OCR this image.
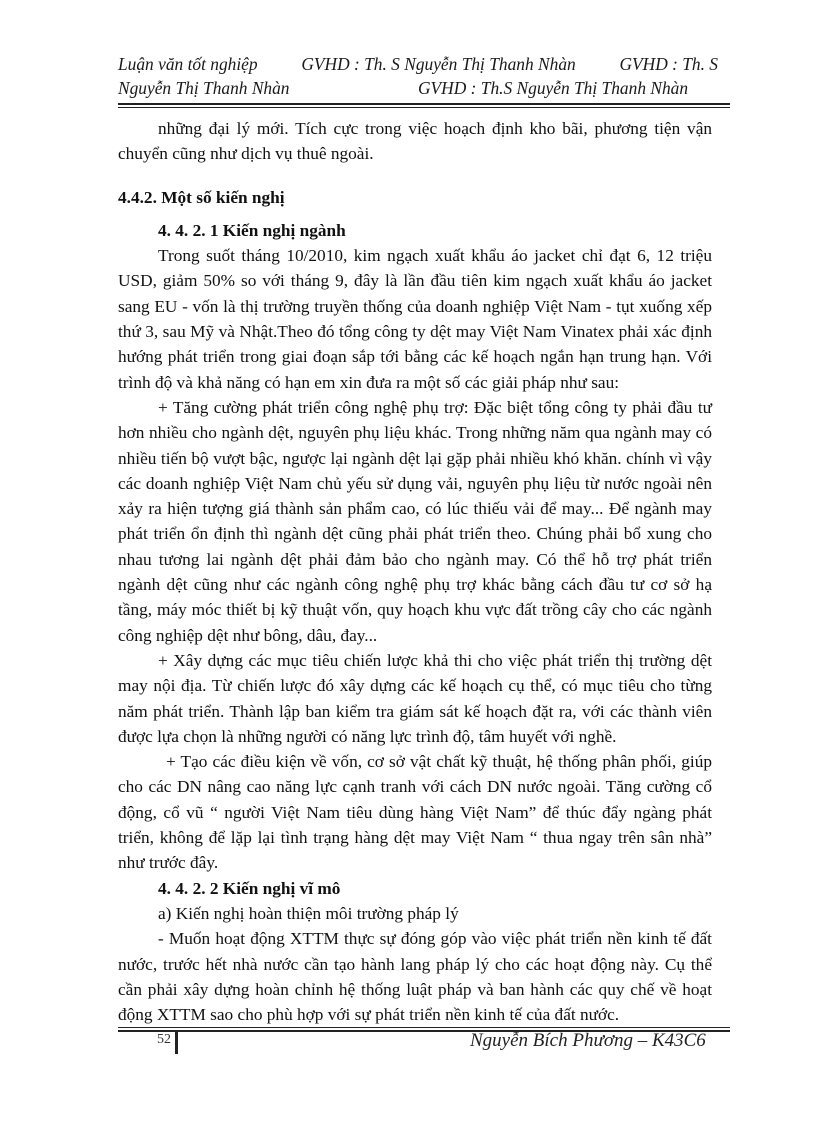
Luận văn tốt nghiệp	GVHD : Th. S Nguyễn Thị Thanh Nhàn	GVHD : Th. S
Nguyễn Thị Thanh Nhàn	GVHD : Th.S Nguyễn Thị Thanh Nhàn

những đại lý mới. Tích cực trong việc hoạch định kho bãi, phương tiện vận chuyển cũng như dịch vụ thuê ngoài.

4.4.2. Một số kiến nghị

4. 4. 2. 1 Kiến nghị ngành

Trong suốt tháng 10/2010, kim ngạch xuất khẩu áo jacket chỉ đạt 6, 12 triệu USD, giảm 50% so với tháng 9, đây là lần đầu tiên kim ngạch xuất khẩu áo jacket sang EU - vốn là thị trường truyền thống của doanh nghiệp Việt Nam - tụt xuống xếp thứ 3, sau Mỹ và Nhật.Theo đó tổng công ty dệt may Việt Nam Vinatex phải xác định hướng phát triển trong giai đoạn sắp tới bằng các kế hoạch ngắn hạn trung hạn. Với trình độ và khả năng có hạn em xin đưa ra một số các giải pháp như sau:

+ Tăng cường phát triển công nghệ phụ trợ: Đặc biệt tổng công ty phải đầu tư hơn nhiều cho ngành dệt, nguyên phụ liệu khác. Trong những năm qua ngành may có nhiều tiến bộ vượt bậc, ngược lại ngành dệt lại gặp phải nhiều khó khăn. chính vì vậy các doanh nghiệp Việt Nam chủ yếu sử dụng vải, nguyên phụ liệu từ nước ngoài nên xảy ra hiện tượng giá thành sản phẩm cao, có lúc thiếu vải để may... Để ngành may phát triển ổn định thì ngành dệt cũng phải phát triển theo. Chúng phải bổ xung cho nhau tương lai ngành dệt phải đảm bảo cho ngành may. Có thể hỗ trợ phát triển ngành dệt cũng như các ngành công nghệ phụ trợ khác bằng cách đầu tư cơ sở hạ tầng, máy móc thiết bị kỹ thuật vốn, quy hoạch khu vực đất trồng cây cho các ngành công nghiệp dệt như bông, dâu, đay...

+ Xây dựng các mục tiêu chiến lược khả thi cho việc phát triển thị trường dệt may nội địa. Từ chiến lược đó xây dựng các kế hoạch cụ thể, có mục tiêu cho từng năm phát triển. Thành lập ban kiểm tra giám sát kế hoạch đặt ra, với các thành viên được lựa chọn là những người có năng lực trình độ, tâm huyết với nghề.

+ Tạo các điều kiện về vốn, cơ sở vật chất kỹ thuật, hệ thống phân phối, giúp cho các DN nâng cao năng lực cạnh tranh với cách DN nước ngoài. Tăng cường cổ động, cổ vũ “ người Việt Nam tiêu dùng hàng Việt Nam” để thúc đẩy ngàng phát triển, không để lặp lại tình trạng hàng dệt may Việt Nam “ thua ngay trên sân nhà” như trước đây.

4. 4. 2. 2 Kiến nghị vĩ mô

a) Kiến nghị hoàn thiện môi trường pháp lý

- Muốn hoạt động XTTM thực sự đóng góp vào việc phát triển nền kinh tế đất nước, trước hết nhà nước cần tạo hành lang pháp lý cho các hoạt động này. Cụ thể cần phải xây dựng hoàn chỉnh hệ thống luật pháp và ban hành các quy chế về hoạt động XTTM sao cho phù hợp với sự phát triển nền kinh tế của đất nước.

52	Nguyễn Bích Phương – K43C6
